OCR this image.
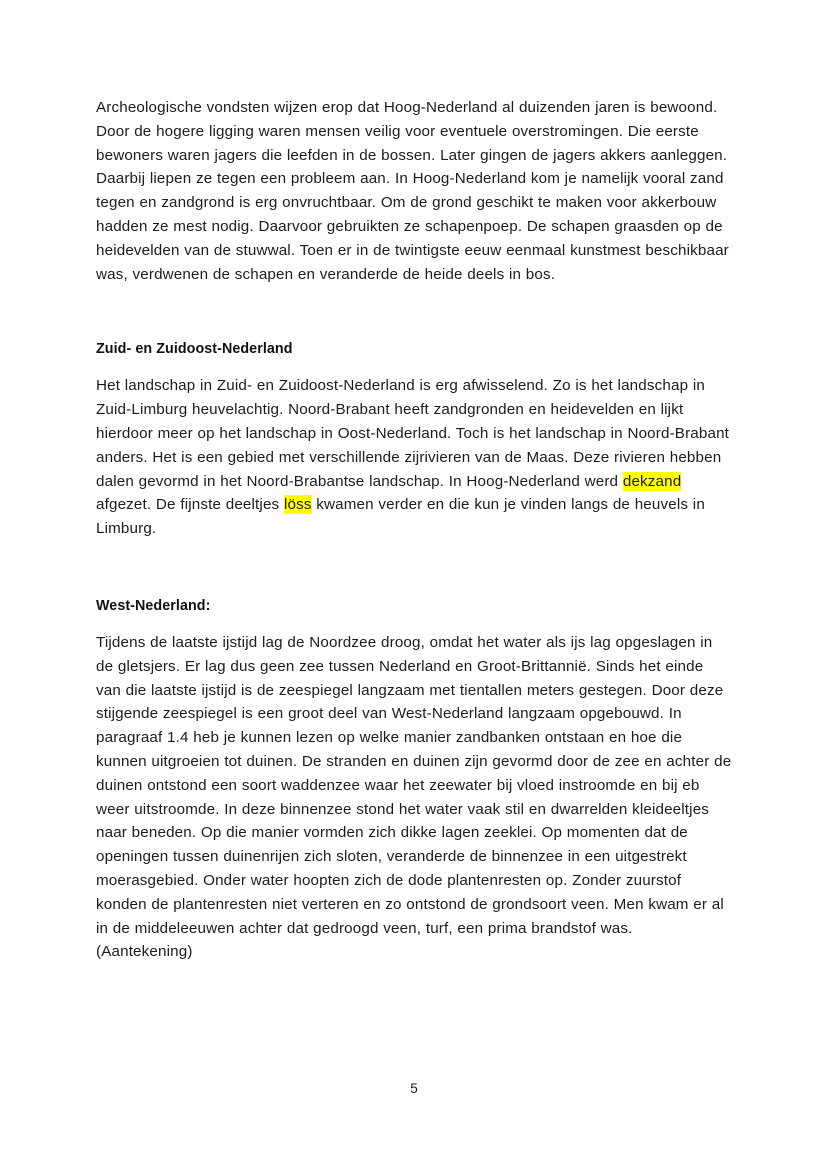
Archeologische vondsten wijzen erop dat Hoog-Nederland al duizenden jaren is bewoond. Door de hogere ligging waren mensen veilig voor eventuele overstromingen. Die eerste bewoners waren jagers die leefden in de bossen. Later gingen de jagers akkers aanleggen. Daarbij liepen ze tegen een probleem aan. In Hoog-Nederland kom je namelijk vooral zand tegen en zandgrond is erg onvruchtbaar. Om de grond geschikt te maken voor akkerbouw hadden ze mest nodig. Daarvoor gebruikten ze schapenpoep. De schapen graasden op de heidevelden van de stuwwal. Toen er in de twintigste eeuw eenmaal kunstmest beschikbaar was, verdwenen de schapen en veranderde de heide deels in bos.

Zuid- en Zuidoost-Nederland

Het landschap in Zuid- en Zuidoost-Nederland is erg afwisselend. Zo is het landschap in Zuid-Limburg heuvelachtig. Noord-Brabant heeft zandgronden en heidevelden en lijkt hierdoor meer op het landschap in Oost-Nederland. Toch is het landschap in Noord-Brabant anders. Het is een gebied met verschillende zijrivieren van de Maas. Deze rivieren hebben dalen gevormd in het Noord-Brabantse landschap. In Hoog-Nederland werd dekzand afgezet. De fijnste deeltjes löss kwamen verder en die kun je vinden langs de heuvels in Limburg.

West-Nederland:

Tijdens de laatste ijstijd lag de Noordzee droog, omdat het water als ijs lag opgeslagen in de gletsjers. Er lag dus geen zee tussen Nederland en Groot-Brittannië. Sinds het einde van die laatste ijstijd is de zeespiegel langzaam met tientallen meters gestegen. Door deze stijgende zeespiegel is een groot deel van West-Nederland langzaam opgebouwd. In paragraaf 1.4 heb je kunnen lezen op welke manier zandbanken ontstaan en hoe die kunnen uitgroeien tot duinen. De stranden en duinen zijn gevormd door de zee en achter de duinen ontstond een soort waddenzee waar het zeewater bij vloed instroomde en bij eb weer uitstroomde. In deze binnenzee stond het water vaak stil en dwarrelden kleideeltjes naar beneden. Op die manier vormden zich dikke lagen zeeklei. Op momenten dat de openingen tussen duinenrijen zich sloten, veranderde de binnenzee in een uitgestrekt moerasgebied. Onder water hoopten zich de dode plantenresten op. Zonder zuurstof konden de plantenresten niet verteren en zo ontstond de grondsoort veen. Men kwam er al in de middeleeuwen achter dat gedroogd veen, turf, een prima brandstof was. (Aantekening)

5
